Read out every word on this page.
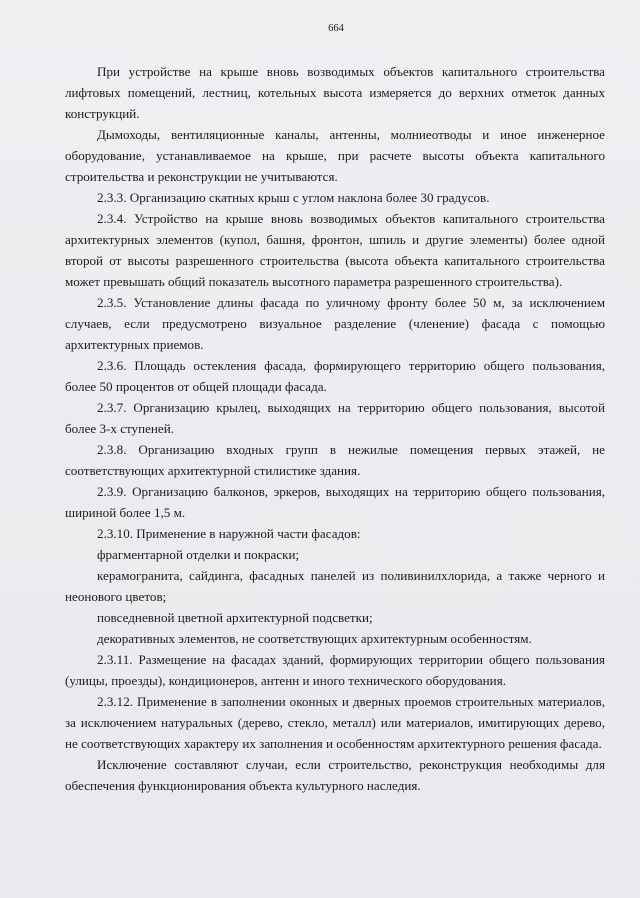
664

При устройстве на крыше вновь возводимых объектов капитального строительства лифтовых помещений, лестниц, котельных высота измеряется до верхних отметок данных конструкций.

Дымоходы, вентиляционные каналы, антенны, молниеотводы и иное инженерное оборудование, устанавливаемое на крыше, при расчете высоты объекта капитального строительства и реконструкции не учитываются.

2.3.3. Организацию скатных крыш с углом наклона более 30 градусов.

2.3.4. Устройство на крыше вновь возводимых объектов капитального строительства архитектурных элементов (купол, башня, фронтон, шпиль и другие элементы) более одной второй от высоты разрешенного строительства (высота объекта капитального строительства может превышать общий показатель высотного параметра разрешенного строительства).

2.3.5. Установление длины фасада по уличному фронту более 50 м, за исключением случаев, если предусмотрено визуальное разделение (членение) фасада с помощью архитектурных приемов.

2.3.6. Площадь остекления фасада, формирующего территорию общего пользования, более 50 процентов от общей площади фасада.

2.3.7. Организацию крылец, выходящих на территорию общего пользования, высотой более 3-х ступеней.

2.3.8. Организацию входных групп в нежилые помещения первых этажей, не соответствующих архитектурной стилистике здания.

2.3.9. Организацию балконов, эркеров, выходящих на территорию общего пользования, шириной более 1,5 м.

2.3.10. Применение в наружной части фасадов:

фрагментарной отделки и покраски;

керамогранита, сайдинга, фасадных панелей из поливинилхлорида, а также черного и неонового цветов;

повседневной цветной архитектурной подсветки;

декоративных элементов, не соответствующих архитектурным особенностям.

2.3.11. Размещение на фасадах зданий, формирующих территории общего пользования (улицы, проезды), кондиционеров, антенн и иного технического оборудования.

2.3.12. Применение в заполнении оконных и дверных проемов строительных материалов, за исключением натуральных (дерево, стекло, металл) или материалов, имитирующих дерево, не соответствующих характеру их заполнения и особенностям архитектурного решения фасада.

Исключение составляют случаи, если строительство, реконструкция необходимы для обеспечения функционирования объекта культурного наследия.
